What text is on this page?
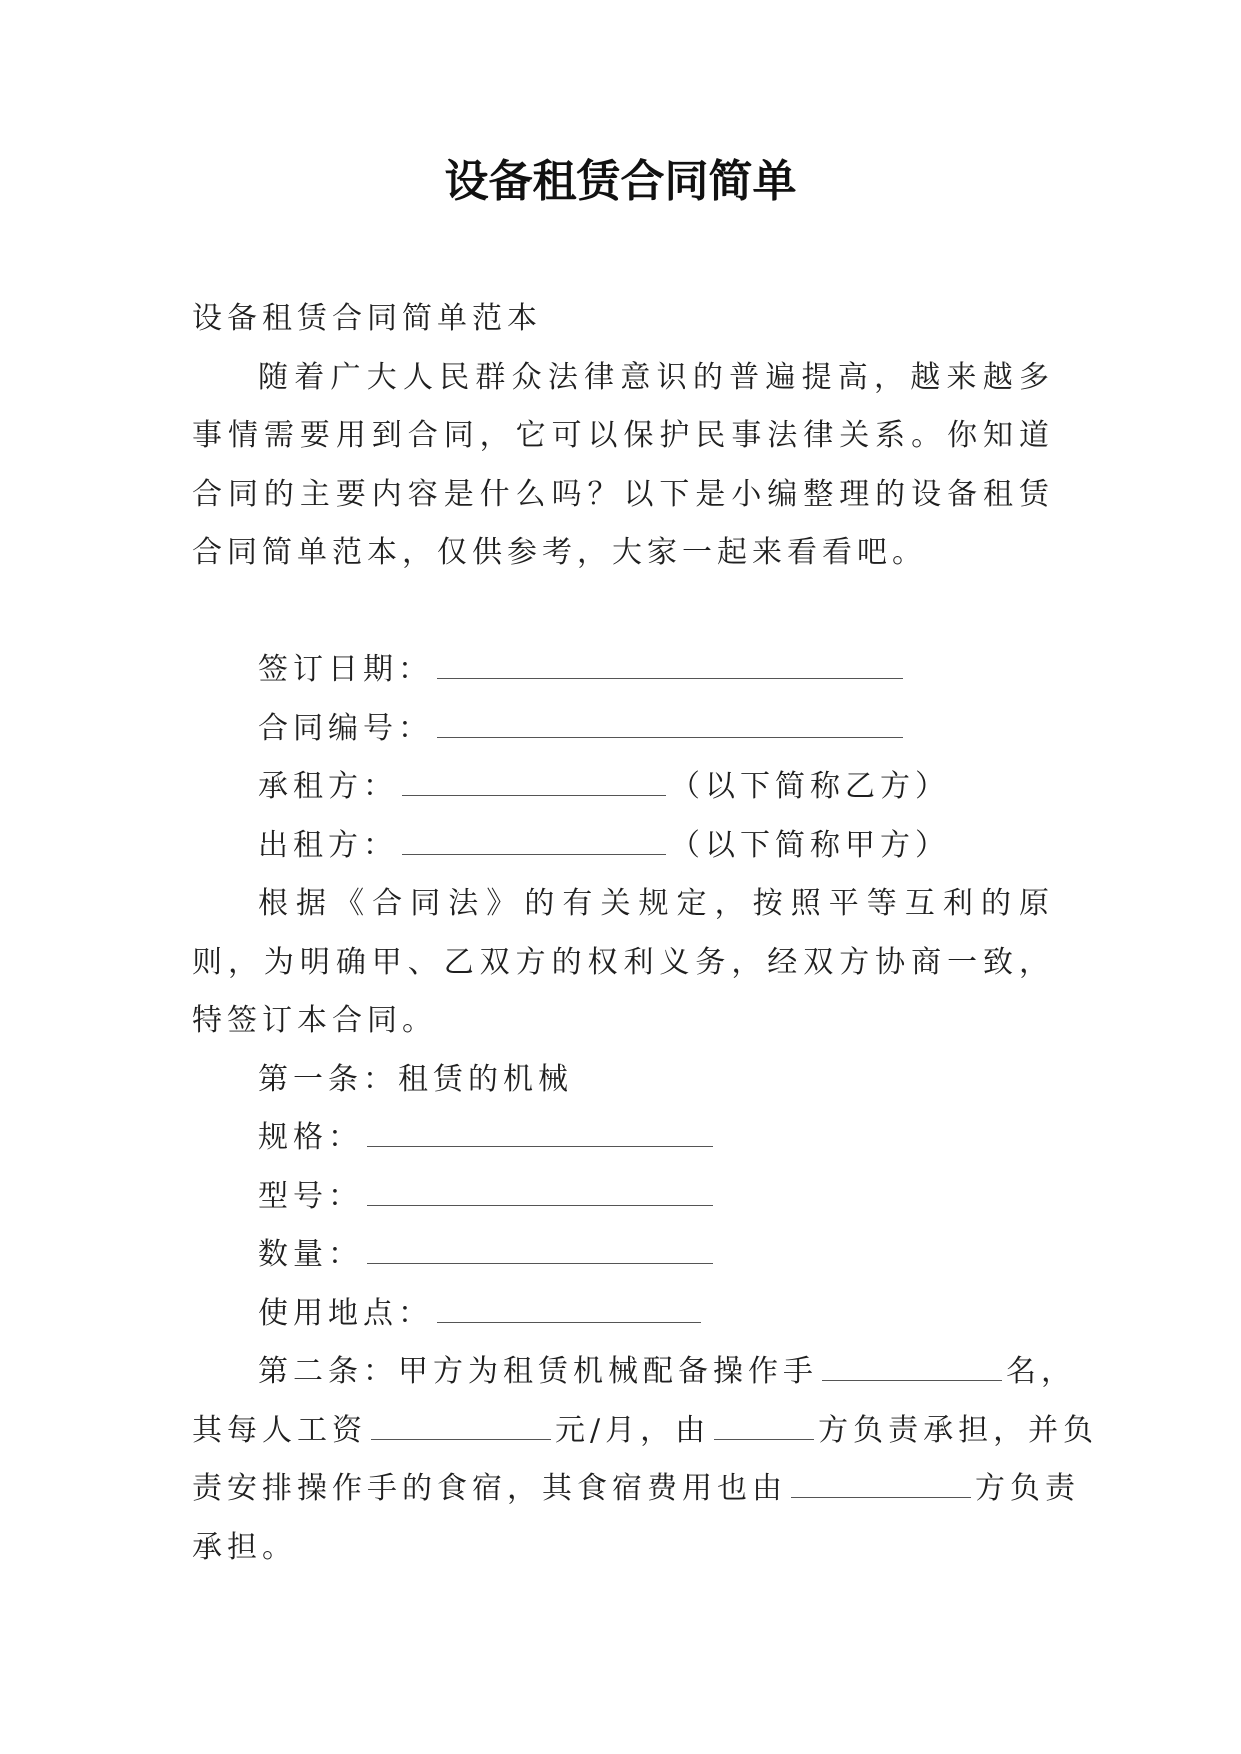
设备租赁合同简单
设备租赁合同简单范本
随着广大人民群众法律意识的普遍提高，越来越多事情需要用到合同，它可以保护民事法律关系。你知道合同的主要内容是什么吗？以下是小编整理的设备租赁合同简单范本，仅供参考，大家一起来看看吧。
签订日期：
合同编号：
承租方：	（以下简称乙方）
出租方：	（以下简称甲方）
根据《合同法》的有关规定，按照平等互利的原则，为明确甲、乙双方的权利义务，经双方协商一致，特签订本合同。
第一条：租赁的机械
规格：
型号：
数量：
使用地点：
第二条：甲方为租赁机械配备操作手	名，
其每人工资	元/月，由	方负责承担，并负
责安排操作手的食宿，其食宿费用也由	方负责
承担。
